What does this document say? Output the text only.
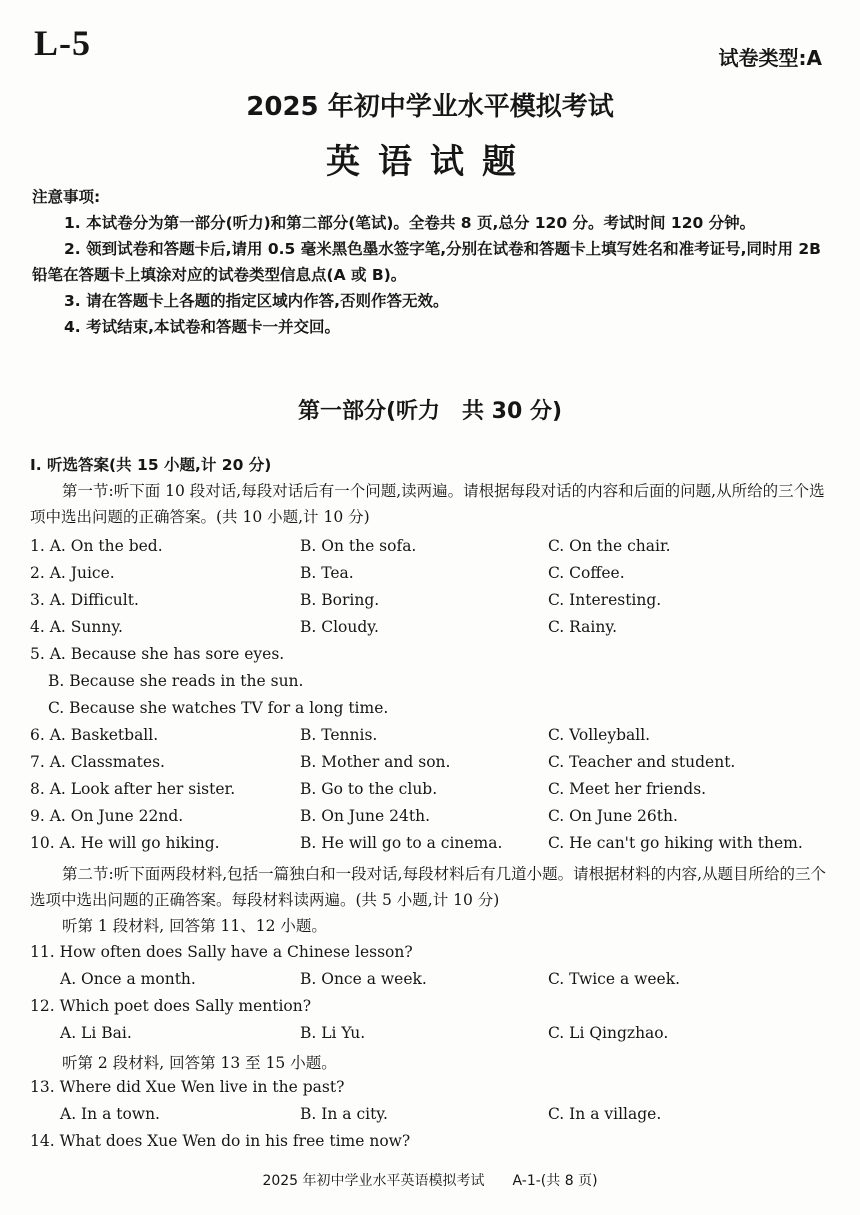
L-5	试卷类型:A
2025 年初中学业水平模拟考试
英语试题
注意事项:

1. 本试卷分为第一部分(听力)和第二部分(笔试)。全卷共 8 页,总分 120 分。考试时间 120 分钟。

2. 领到试卷和答题卡后,请用 0.5 毫米黑色墨水签字笔,分别在试卷和答题卡上填写姓名和准考证号,同时用 2B 铅笔在答题卡上填涂对应的试卷类型信息点(A 或 B)。

3. 请在答题卡上各题的指定区域内作答,否则作答无效。

4. 考试结束,本试卷和答题卡一并交回。

第一部分(听力　共 30 分)

I. 听选答案(共 15 小题,计 20 分)

第一节:听下面 10 段对话,每段对话后有一个问题,读两遍。请根据每段对话的内容和后面的问题,从所给的三个选项中选出问题的正确答案。(共 10 小题,计 10 分)

1. A. On the bed.	B. On the sofa.	C. On the chair.
2. A. Juice.	B. Tea.	C. Coffee.
3. A. Difficult.	B. Boring.	C. Interesting.
4. A. Sunny.	B. Cloudy.	C. Rainy.
5. A. Because she has sore eyes.
B. Because she reads in the sun.
C. Because she watches TV for a long time.
6. A. Basketball.	B. Tennis.	C. Volleyball.
7. A. Classmates.	B. Mother and son.	C. Teacher and student.
8. A. Look after her sister.	B. Go to the club.	C. Meet her friends.
9. A. On June 22nd.	B. On June 24th.	C. On June 26th.
10. A. He will go hiking.	B. He will go to a cinema.	C. He can't go hiking with them.

第二节:听下面两段材料,包括一篇独白和一段对话,每段材料后有几道小题。请根据材料的内容,从题目所给的三个选项中选出问题的正确答案。每段材料读两遍。(共 5 小题,计 10 分)

听第 1 段材料, 回答第 11、12 小题。

11. How often does Sally have a Chinese lesson?
A. Once a month.	B. Once a week.	C. Twice a week.
12. Which poet does Sally mention?
A. Li Bai.	B. Li Yu.	C. Li Qingzhao.
听第 2 段材料, 回答第 13 至 15 小题。
13. Where did Xue Wen live in the past?
A. In a town.	B. In a city.	C. In a village.
14. What does Xue Wen do in his free time now?
2025 年初中学业水平英语模拟考试　　A-1-(共 8 页)
